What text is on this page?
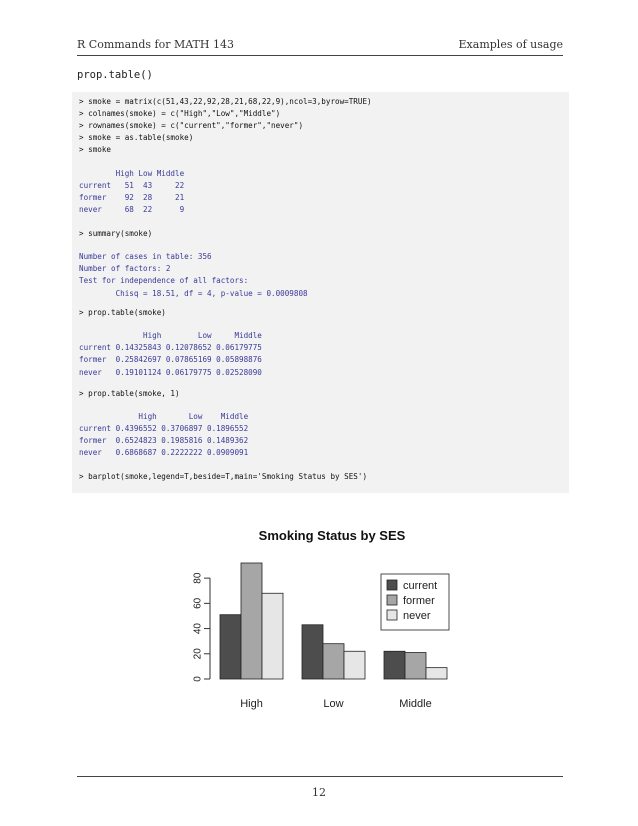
R Commands for MATH 143	Examples of usage
prop.table()
> smoke = matrix(c(51,43,22,92,28,21,68,22,9),ncol=3,byrow=TRUE)
> colnames(smoke) = c("High","Low","Middle")
> rownames(smoke) = c("current","former","never")
> smoke = as.table(smoke)
> smoke
High Low Middle
current   51  43     22
former    92  28     21
never     68  22      9
> summary(smoke)
Number of cases in table: 356
Number of factors: 2
Test for independence of all factors:
Chisq = 18.51, df = 4, p-value = 0.0009808
> prop.table(smoke)
High        Low     Middle
current 0.14325843 0.12078652 0.06179775
former  0.25842697 0.07865169 0.05898876
never   0.19101124 0.06179775 0.02528090
> prop.table(smoke, 1)
High       Low    Middle
current 0.4396552 0.3706897 0.1896552
former  0.6524823 0.1985816 0.1489362
never   0.6868687 0.2222222 0.0909091
> barplot(smoke,legend=T,beside=T,main='Smoking Status by SES')
Smoking Status by SES
0
20
40
60
80
High	Low	Middle
current
former
never
12
